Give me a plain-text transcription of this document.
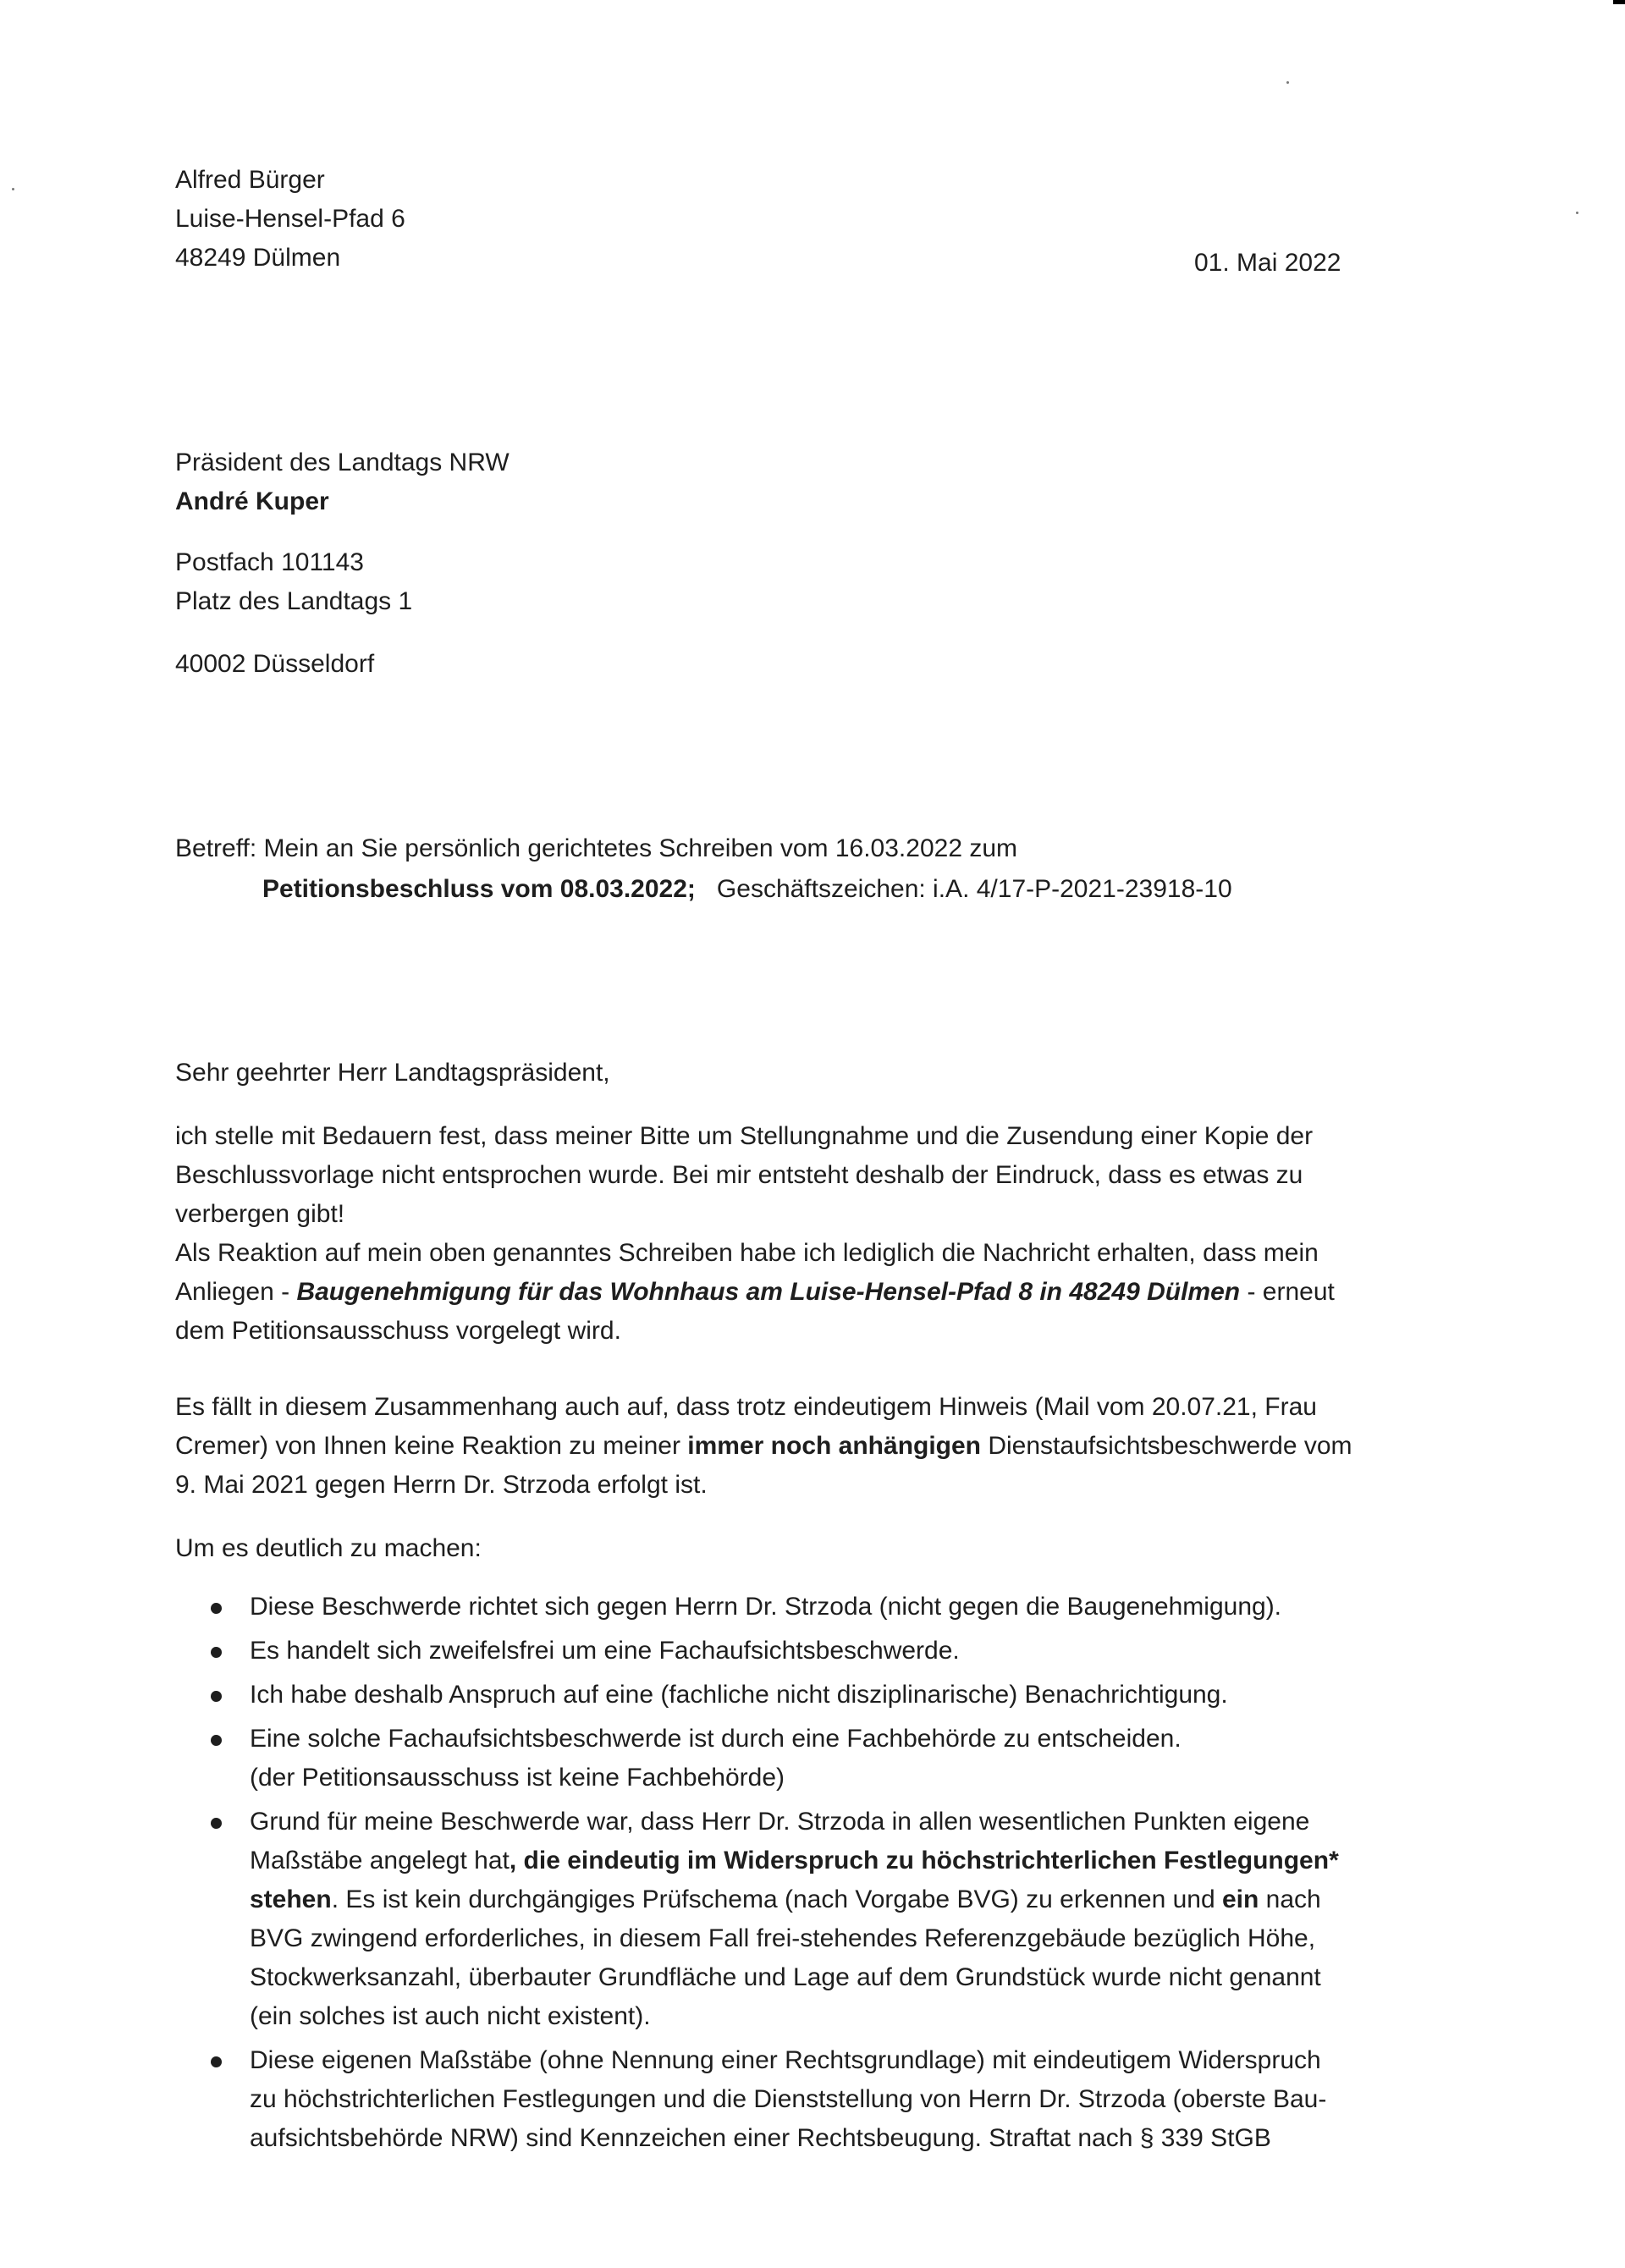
Alfred Bürger
Luise-Hensel-Pfad 6
48249 Dülmen	01. Mai 2022
Präsident des Landtags NRW
André Kuper
Postfach 101143
Platz des Landtags 1
40002 Düsseldorf
Betreff: Mein an Sie persönlich gerichtetes Schreiben vom 16.03.2022 zum
Petitionsbeschluss vom 08.03.2022; Geschäftszeichen: i.A. 4/17-P-2021-23918-10
Sehr geehrter Herr Landtagspräsident,
ich stelle mit Bedauern fest, dass meiner Bitte um Stellungnahme und die Zusendung einer Kopie der
Beschlussvorlage nicht entsprochen wurde. Bei mir entsteht deshalb der Eindruck, dass es etwas zu
verbergen gibt!
Als Reaktion auf mein oben genanntes Schreiben habe ich lediglich die Nachricht erhalten, dass mein
Anliegen - Baugenehmigung für das Wohnhaus am Luise-Hensel-Pfad 8 in 48249 Dülmen - erneut
dem Petitionsausschuss vorgelegt wird.
Es fällt in diesem Zusammenhang auch auf, dass trotz eindeutigem Hinweis (Mail vom 20.07.21, Frau
Cremer) von Ihnen keine Reaktion zu meiner immer noch anhängigen Dienstaufsichtsbeschwerde vom
9. Mai 2021 gegen Herrn Dr. Strzoda erfolgt ist.
Um es deutlich zu machen:
Diese Beschwerde richtet sich gegen Herrn Dr. Strzoda (nicht gegen die Baugenehmigung).
Es handelt sich zweifelsfrei um eine Fachaufsichtsbeschwerde.
Ich habe deshalb Anspruch auf eine (fachliche nicht disziplinarische) Benachrichtigung.
Eine solche Fachaufsichtsbeschwerde ist durch eine Fachbehörde zu entscheiden.
(der Petitionsausschuss ist keine Fachbehörde)
Grund für meine Beschwerde war, dass Herr Dr. Strzoda in allen wesentlichen Punkten eigene
Maßstäbe angelegt hat, die eindeutig im Widerspruch zu höchstrichterlichen Festlegungen*
stehen. Es ist kein durchgängiges Prüfschema (nach Vorgabe BVG) zu erkennen und ein nach
BVG zwingend erforderliches, in diesem Fall frei-stehendes Referenzgebäude bezüglich Höhe,
Stockwerksanzahl, überbauter Grundfläche und Lage auf dem Grundstück wurde nicht genannt
(ein solches ist auch nicht existent).
Diese eigenen Maßstäbe (ohne Nennung einer Rechtsgrundlage) mit eindeutigem Widerspruch
zu höchstrichterlichen Festlegungen und die Dienststellung von Herrn Dr. Strzoda (oberste Bau-
aufsichtsbehörde NRW) sind Kennzeichen einer Rechtsbeugung. Straftat nach § 339 StGB
